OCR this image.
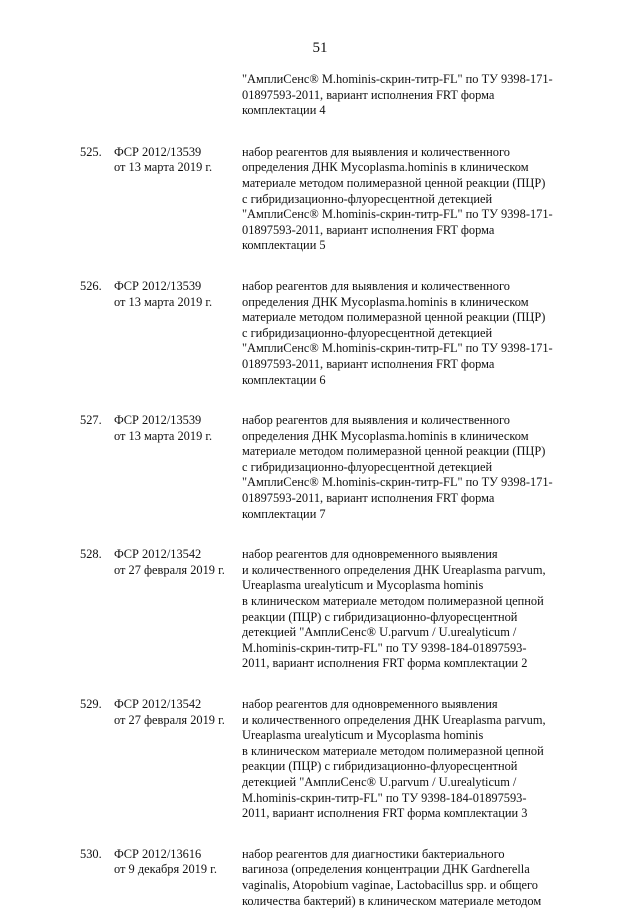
51
"АмплиСенс® M.hominis-скрин-титр-FL" по ТУ 9398-171-
01897593-2011, вариант исполнения FRT форма
комплектации 4
525. ФСР 2012/13539
от 13 марта 2019 г.
набор реагентов для выявления и количественного
определения ДНК Mycoplasma.hominis в клиническом
материале методом полимеразной ценной реакции (ПЦР)
с гибридизационно-флуоресцентной детекцией
"АмплиСенс® M.hominis-скрин-титр-FL" по ТУ 9398-171-
01897593-2011, вариант исполнения FRT форма
комплектации 5
526. ФСР 2012/13539
от 13 марта 2019 г.
набор реагентов для выявления и количественного
определения ДНК Mycoplasma.hominis в клиническом
материале методом полимеразной ценной реакции (ПЦР)
с гибридизационно-флуоресцентной детекцией
"АмплиСенс® M.hominis-скрин-титр-FL" по ТУ 9398-171-
01897593-2011, вариант исполнения FRT форма
комплектации 6
527. ФСР 2012/13539
от 13 марта 2019 г.
набор реагентов для выявления и количественного
определения ДНК Mycoplasma.hominis в клиническом
материале методом полимеразной ценной реакции (ПЦР)
с гибридизационно-флуоресцентной детекцией
"АмплиСенс® M.hominis-скрин-титр-FL" по ТУ 9398-171-
01897593-2011, вариант исполнения FRT форма
комплектации 7
528. ФСР 2012/13542
от 27 февраля 2019 г.
набор реагентов для одновременного выявления
и количественного определения ДНК Ureaplasma parvum,
Ureaplasma urealyticum и Mycoplasma hominis
в клиническом материале методом полимеразной цепной
реакции (ПЦР) с гибридизационно-флуоресцентной
детекцией "АмплиСенс® U.parvum / U.urealyticum /
M.hominis-скрин-титр-FL" по ТУ 9398-184-01897593-
2011, вариант исполнения FRT форма комплектации 2
529. ФСР 2012/13542
от 27 февраля 2019 г.
набор реагентов для одновременного выявления
и количественного определения ДНК Ureaplasma parvum,
Ureaplasma urealyticum и Mycoplasma hominis
в клиническом материале методом полимеразной цепной
реакции (ПЦР) с гибридизационно-флуоресцентной
детекцией "АмплиСенс® U.parvum / U.urealyticum /
M.hominis-скрин-титр-FL" по ТУ 9398-184-01897593-
2011, вариант исполнения FRT форма комплектации 3
530. ФСР 2012/13616
от 9 декабря 2019 г.
набор реагентов для диагностики бактериального
вагиноза (определения концентрации ДНК Gardnerella
vaginalis, Atopobium vaginae, Lactobacillus spp. и общего
количества бактерий) в клиническом материале методом
